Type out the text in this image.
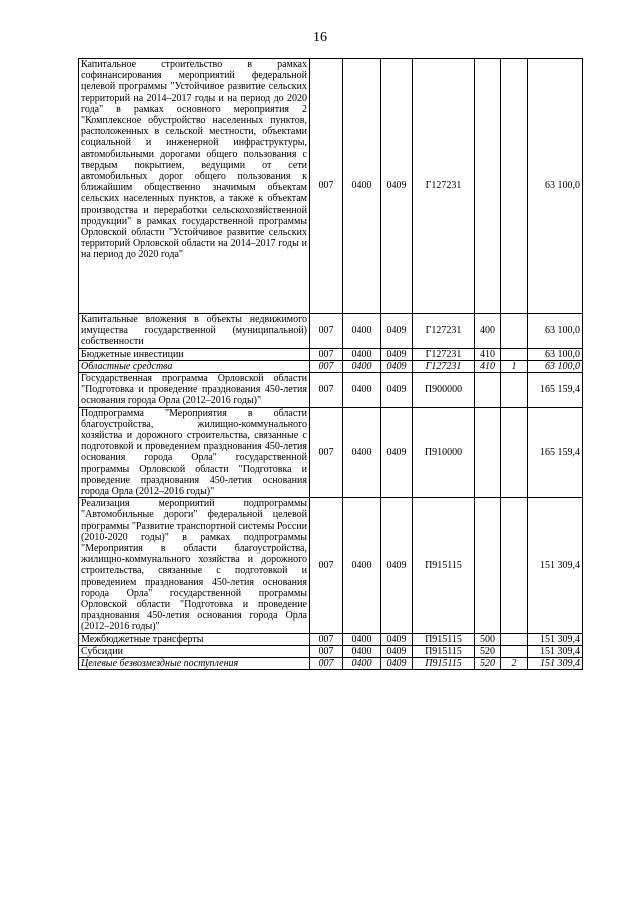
16
Капитальное строительство в рамках софинансирования мероприятий федеральной целевой программы "Устойчивое развитие сельских территорий на 2014–2017 годы и на период до 2020 года" в рамках основного мероприятия 2 "Комплексное обустройство населенных пунктов, расположенных в сельской местности, объектами социальной и инженерной инфраструктуры, автомобильными дорогами общего пользования с твердым покрытием, ведущими от сети автомобильных дорог общего пользования к ближайшим общественно значимым объектам сельских населенных пунктов, а также к объектам производства и переработки сельскохозяйственной продукции" в рамках государственной программы Орловской области "Устойчивое развитие сельских территорий Орловской области на 2014–2017 годы и на период до 2020 года"	007	0400	0409	Г127231			63 100,0
Капитальные вложения в объекты недвижимого имущества государственной (муниципальной) собственности	007	0400	0409	Г127231	400		63 100,0
Бюджетные инвестиции	007	0400	0409	Г127231	410		63 100,0
Областные средства	007	0400	0409	Г127231	410	1	63 100,0
Государственная программа Орловской области "Подготовка и проведение празднования 450-летия основания города Орла (2012–2016 годы)"	007	0400	0409	П900000			165 159,4
Подпрограмма "Мероприятия в области благоустройства, жилищно-коммунального хозяйства и дорожного строительства, связанные с подготовкой и проведением празднования 450-летия основания города Орла" государственной программы Орловской области "Подготовка и проведение празднования 450-летия основания города Орла (2012–2016 годы)"	007	0400	0409	П910000			165 159,4
Реализация мероприятий подпрограммы "Автомобильные дороги" федеральной целевой программы "Развитие транспортной системы России (2010-2020 годы)" в рамках подпрограммы "Мероприятия в области благоустройства, жилищно-коммунального хозяйства и дорожного строительства, связанные с подготовкой и проведением празднования 450-летия основания города Орла" государственной программы Орловской области "Подготовка и проведение празднования 450-летия основания города Орла (2012–2016 годы)"	007	0400	0409	П915115			151 309,4
Межбюджетные трансферты	007	0400	0409	П915115	500		151 309,4
Субсидии	007	0400	0409	П915115	520		151 309,4
Целевые безвозмездные поступления	007	0400	0409	П915115	520	2	151 309,4
